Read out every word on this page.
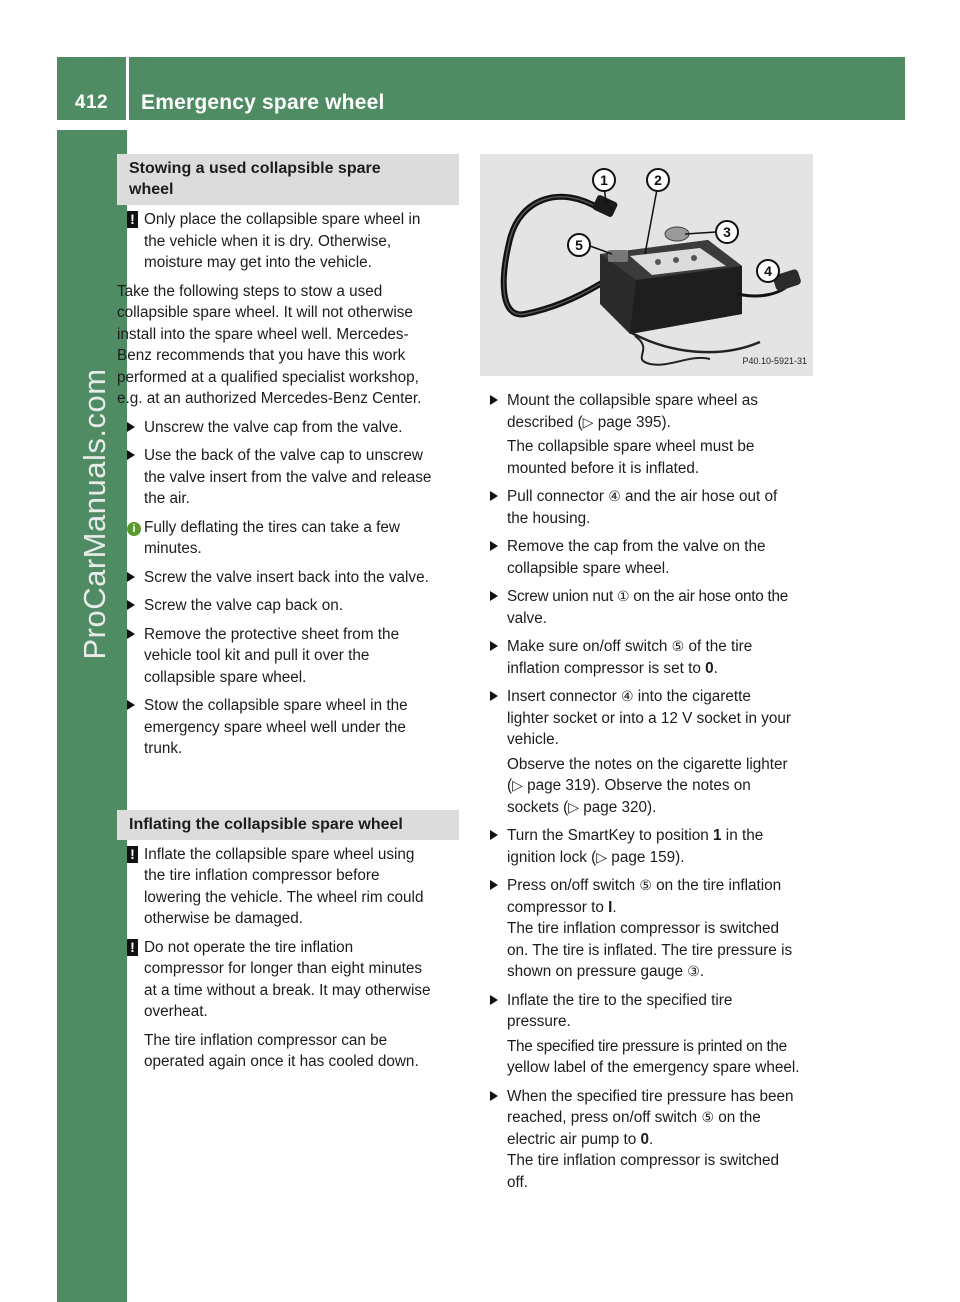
412	Emergency spare wheel
ProCarManuals.com
Stowing a used collapsible spare
wheel
! Only place the collapsible spare wheel in
the vehicle when it is dry. Otherwise,
moisture may get into the vehicle.
Take the following steps to stow a used
collapsible spare wheel. It will not otherwise
install into the spare wheel well. Mercedes-
Benz recommends that you have this work
performed at a qualified specialist workshop,
e.g. at an authorized Mercedes-Benz Center.
Unscrew the valve cap from the valve.
Use the back of the valve cap to unscrew
the valve insert from the valve and release
the air.
i Fully deflating the tires can take a few
minutes.
Screw the valve insert back into the valve.
Screw the valve cap back on.
Remove the protective sheet from the
vehicle tool kit and pull it over the
collapsible spare wheel.
Stow the collapsible spare wheel in the
emergency spare wheel well under the
trunk.
Inflating the collapsible spare wheel
! Inflate the collapsible spare wheel using
the tire inflation compressor before
lowering the vehicle. The wheel rim could
otherwise be damaged.
! Do not operate the tire inflation
compressor for longer than eight minutes
at a time without a break. It may otherwise
overheat.
The tire inflation compressor can be
operated again once it has cooled down.
1	2
3
4
5
P40.10-5921-31
Mount the collapsible spare wheel as
described (▷ page 395).
The collapsible spare wheel must be
mounted before it is inflated.
Pull connector ④ and the air hose out of
the housing.
Remove the cap from the valve on the
collapsible spare wheel.
Screw union nut ① on the air hose onto the
valve.
Make sure on/off switch ⑤ of the tire
inflation compressor is set to 0.
Insert connector ④ into the cigarette
lighter socket or into a 12 V socket in your
vehicle.
Observe the notes on the cigarette lighter
(▷ page 319). Observe the notes on
sockets (▷ page 320).
Turn the SmartKey to position 1 in the
ignition lock (▷ page 159).
Press on/off switch ⑤ on the tire inflation
compressor to I.
The tire inflation compressor is switched
on. The tire is inflated. The tire pressure is
shown on pressure gauge ③.
Inflate the tire to the specified tire
pressure.
The specified tire pressure is printed on the
yellow label of the emergency spare wheel.
When the specified tire pressure has been
reached, press on/off switch ⑤ on the
electric air pump to 0.
The tire inflation compressor is switched
off.
